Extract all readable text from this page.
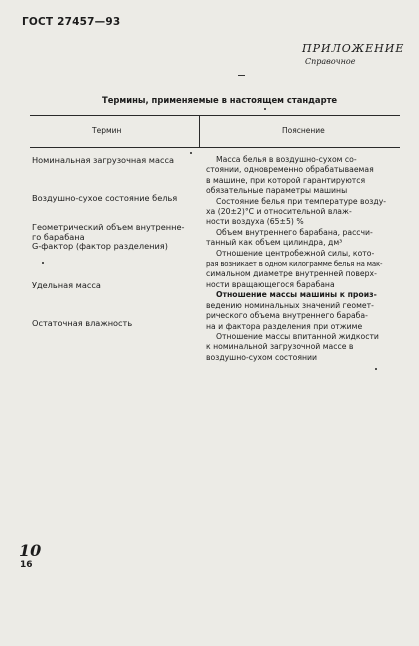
ГОСТ 27457—93
ПРИЛОЖЕНИЕ
Справочное
Термины, применяемые в настоящем стандарте
Термин	Пояснение
Номинальная загрузочная масса
Воздушно-сухое состояние белья
Геометрический объем внутренне-
го барабана
G-фактор (фактор разделения)
Удельная масса
Остаточная влажность

Масса белья в воздушно-сухом со-

стоянии, одновременно обрабатываемая

в машине, при которой гарантируются

обязательные параметры машины

Состояние белья при температуре возду-

ха (20±2)°С и относительной влаж-

ности воздуха (65±5) %

Объем внутреннего барабана, рассчи-

танный как объем цилиндра, дм³

Отношение центробежной силы, кото-

рая возникает в одном килограмме белья на мак-

симальном диаметре внутренней поверх-

ности вращающегося барабана

Отношение массы машины к произ-

ведению номинальных значений геомет-

рического объема внутреннего бараба-

на и фактора разделения при отжиме

Отношение массы впитанной жидкости

к номинальной загрузочной массе в

воздушно-сухом состоянии

10
16
